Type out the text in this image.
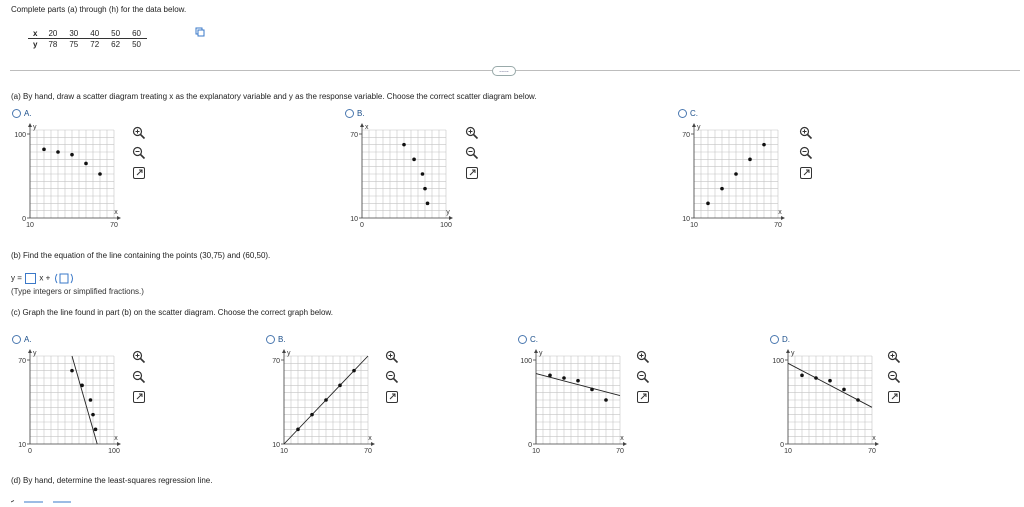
Complete parts (a) through (h) for the data below.
x	20	30	40	50	60
y	78	75	72	62	50
.....
(a) By hand, draw a scatter diagram treating x as the explanatory variable and y as the response variable. Choose the correct scatter diagram below.
A.	B.	C.
y
x
100
0
10	70
x
y
70
10
0	100
y
x
70
10
10	70
(b) Find the equation of the line containing the points (30,75) and (60,50).
y = x +
(Type integers or simplified fractions.)
(c) Graph the line found in part (b) on the scatter diagram. Choose the correct graph below.
A.	B.	C.	D.
y
x
70
10
0	100
y
x
70
10
10	70
y
x
100
0
10	70
y
x
100
0
10	70
(d) By hand, determine the least-squares regression line.
